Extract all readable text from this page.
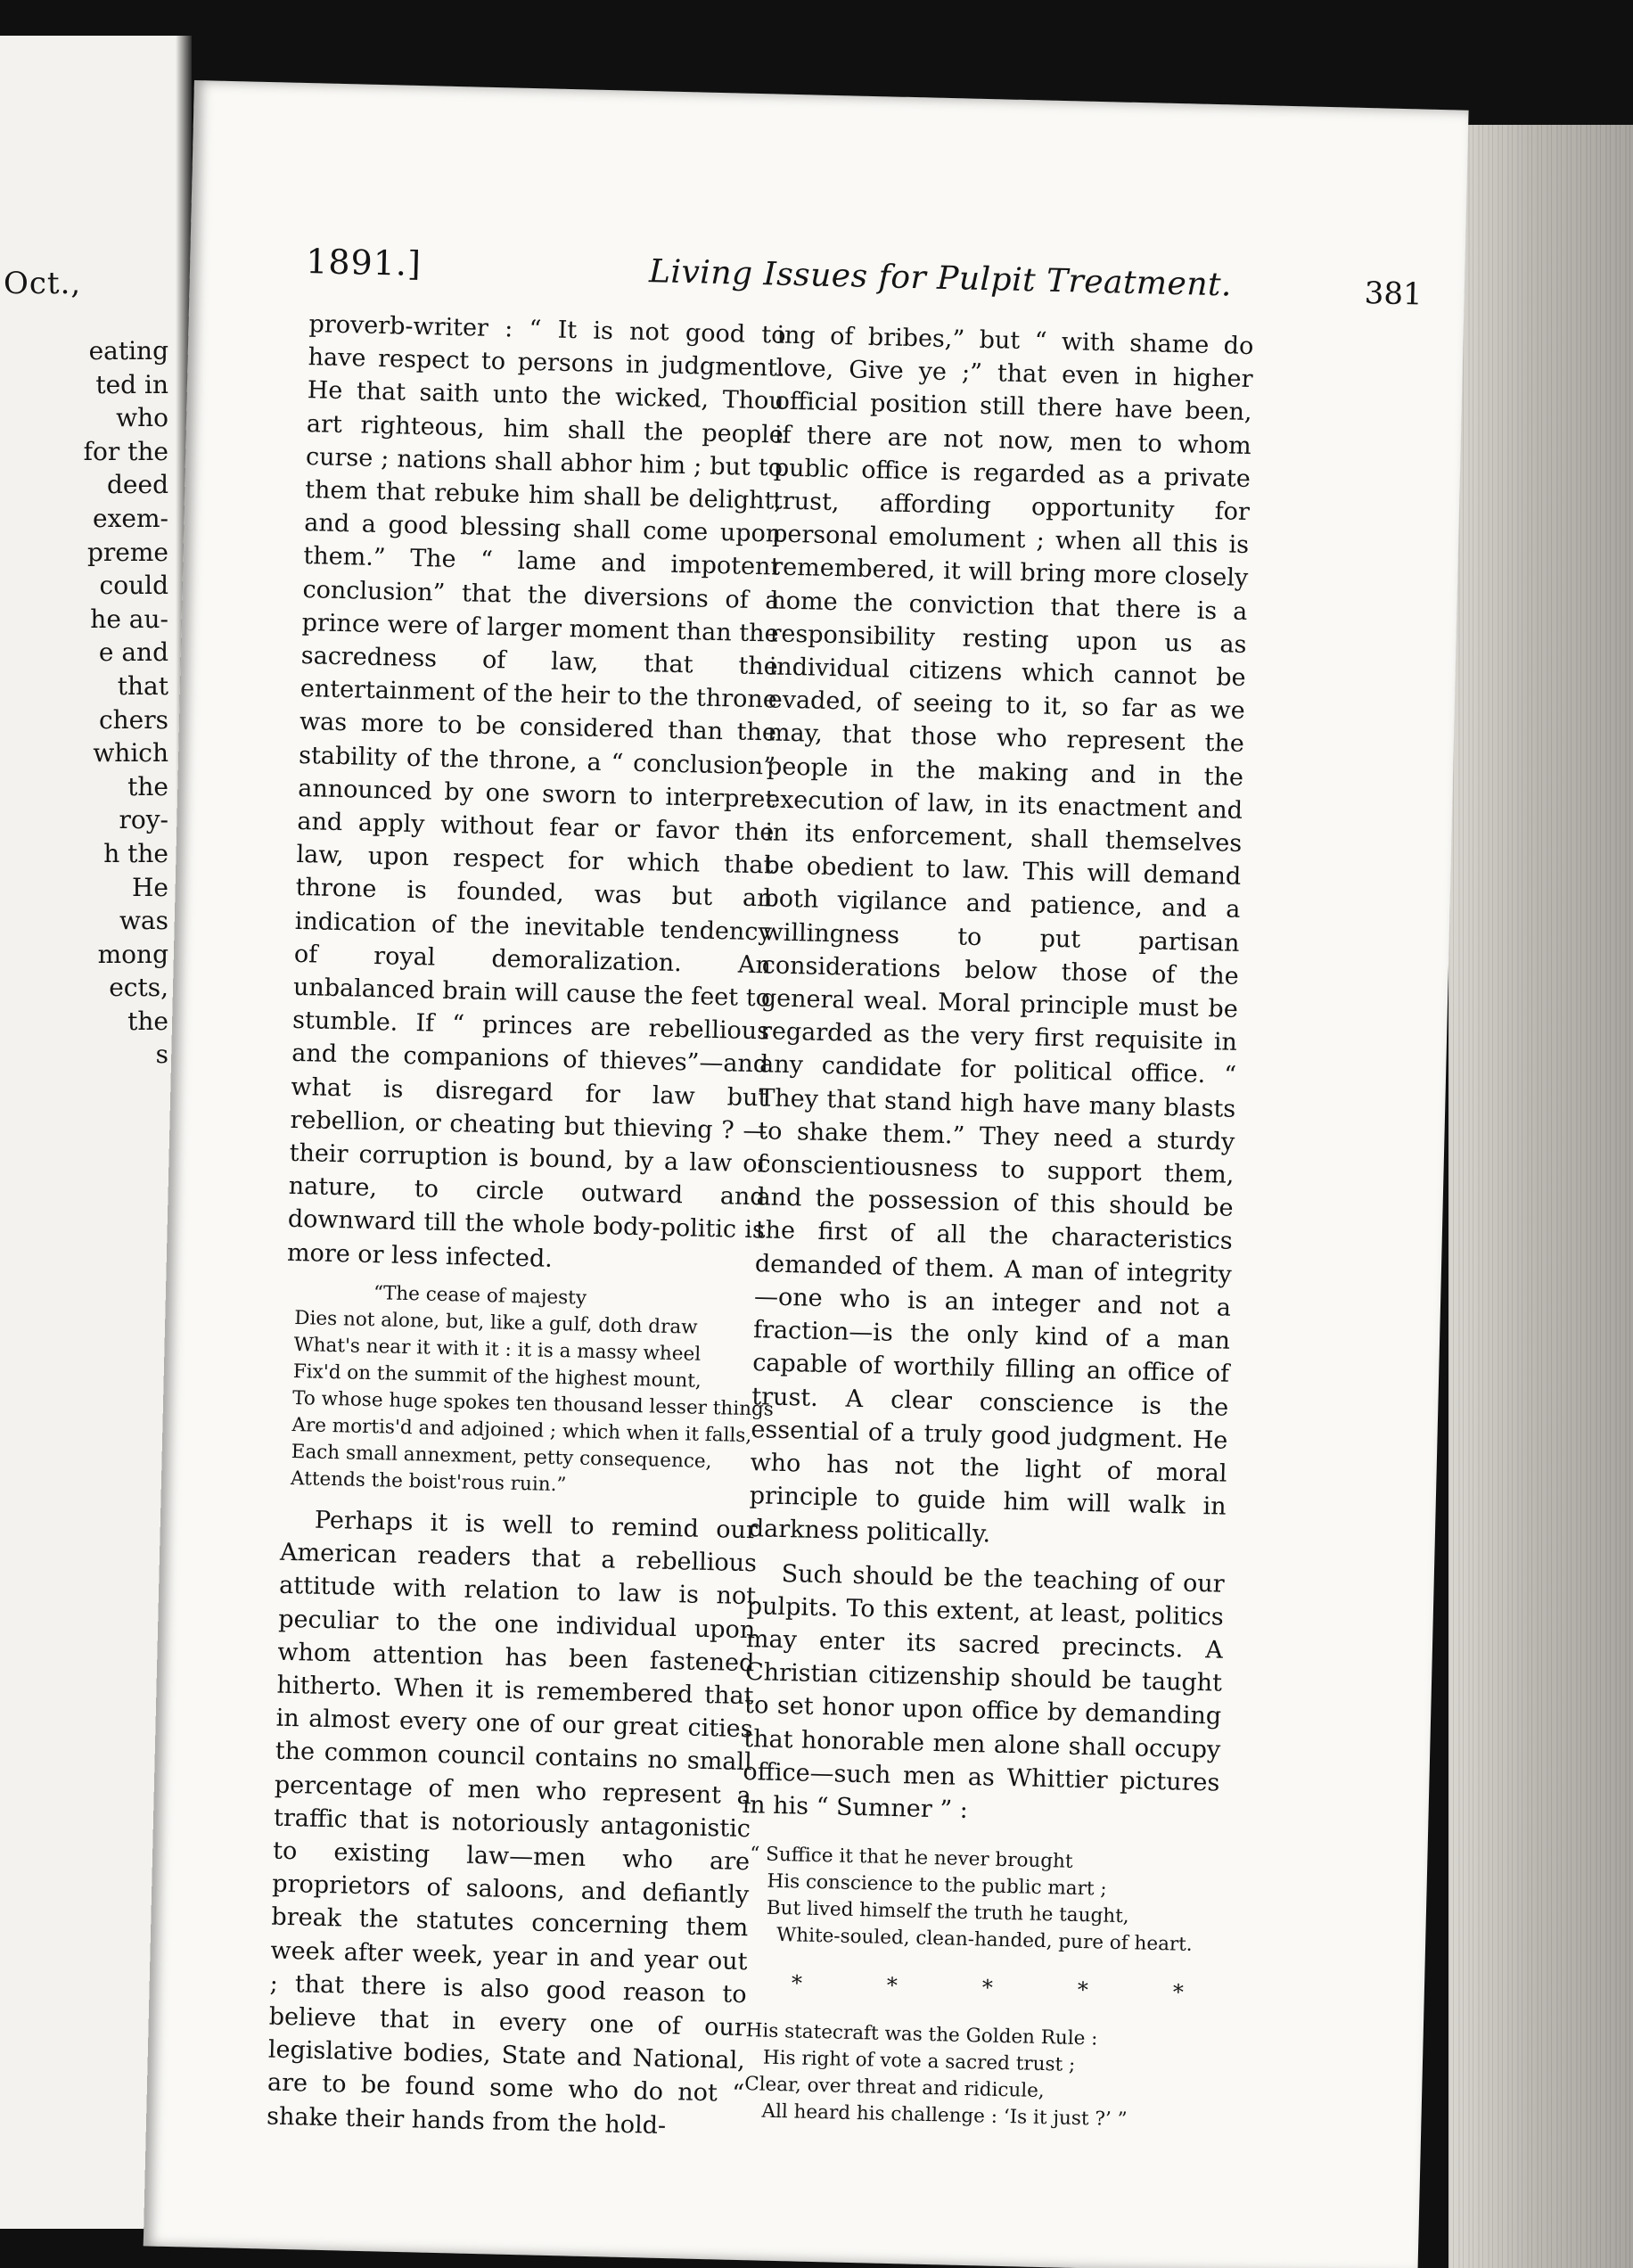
Oct.,
eating
ted in
who
for the
deed
exem-
preme
could
he au-
e and
that
chers
which
the
roy-
h the
He
was
mong
ects,
the
s
1891.]	Living Issues for Pulpit Treatment.	381

proverb-writer : “ It is not good to have respect to persons in judgment. He that saith unto the wicked, Thou art righteous, him shall the people curse ; nations shall abhor him ; but to them that rebuke him shall be delight, and a good blessing shall come upon them.” The “ lame and impotent conclusion” that the diversions of a prince were of larger moment than the sacredness of law, that the entertainment of the heir to the throne was more to be considered than the stability of the throne, a “ conclusion” announced by one sworn to interpret and apply without fear or favor the law, upon respect for which that throne is founded, was but an indication of the inevitable tendency of royal demoralization. An unbalanced brain will cause the feet to stumble. If “ princes are rebellious and the companions of thieves”—and what is disregard for law but rebellion, or cheating but thieving ? — their corruption is bound, by a law of nature, to circle outward and downward till the whole body-politic is more or less infected.

“The cease of majesty
Dies not alone, but, like a gulf, doth draw
What's near it with it : it is a massy wheel
Fix'd on the summit of the highest mount,
To whose huge spokes ten thousand lesser things
Are mortis'd and adjoined ; which when it falls,
Each small annexment, petty consequence,
Attends the boist'rous ruin.”

Perhaps it is well to remind our American readers that a rebellious attitude with relation to law is not peculiar to the one individual upon whom attention has been fastened hitherto. When it is remembered that in almost every one of our great cities the common council contains no small percentage of men who represent a traffic that is notoriously antagonistic to existing law—men who are proprietors of saloons, and defiantly break the statutes concerning them week after week, year in and year out ; that there is also good reason to believe that in every one of our legislative bodies, State and National, are to be found some who do not “ shake their hands from the hold-

ing of bribes,” but “ with shame do love, Give ye ;” that even in higher official position still there have been, if there are not now, men to whom public office is regarded as a private trust, affording opportunity for personal emolument ; when all this is remembered, it will bring more closely home the conviction that there is a responsibility resting upon us as individual citizens which cannot be evaded, of seeing to it, so far as we may, that those who represent the people in the making and in the execution of law, in its enactment and in its enforcement, shall themselves be obedient to law. This will demand both vigilance and patience, and a willingness to put partisan considerations below those of the general weal. Moral principle must be regarded as the very first requisite in any candidate for political office. “ They that stand high have many blasts to shake them.” They need a sturdy conscientiousness to support them, and the possession of this should be the first of all the characteristics demanded of them. A man of integrity—one who is an integer and not a fraction—is the only kind of a man capable of worthily filling an office of trust. A clear conscience is the essential of a truly good judgment. He who has not the light of moral principle to guide him will walk in darkness politically.

Such should be the teaching of our pulpits. To this extent, at least, politics may enter its sacred precincts. A Christian citizenship should be taught to set honor upon office by demanding that honorable men alone shall occupy office—such men as Whittier pictures in his “ Sumner ” :

“ Suffice it that he never brought
His conscience to the public mart ;
But lived himself the truth he taught,
White-souled, clean-handed, pure of heart.
*	*	*	*	*
His statecraft was the Golden Rule :
His right of vote a sacred trust ;
Clear, over threat and ridicule,
All heard his challenge : ‘Is it just ?’ ”
